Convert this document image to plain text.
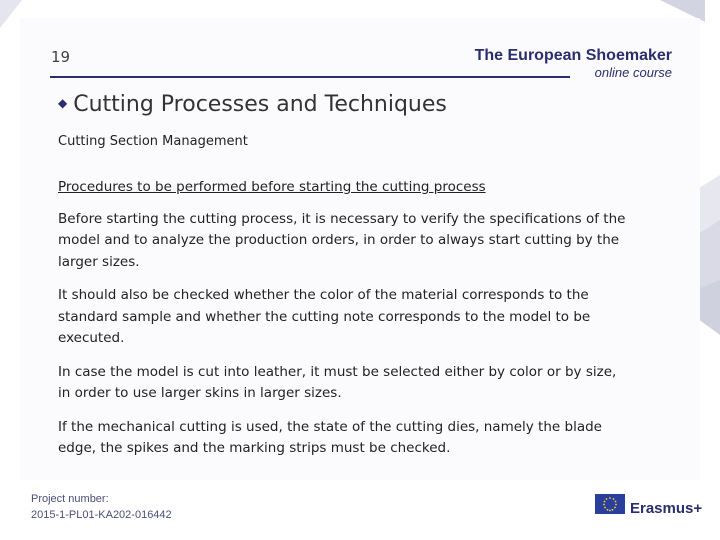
19	The European Shoemaker
online course
◆ Cutting Processes and Techniques
Cutting Section Management

Procedures to be performed before starting the cutting process

Before starting the cutting process, it is necessary to verify the specifications of the model and to analyze the production orders, in order to always start cutting by the larger sizes.

It should also be checked whether the color of the material corresponds to the standard sample and whether the cutting note corresponds to the model to be executed.

In case the model is cut into leather, it must be selected either by color or by size, in order to use larger skins in larger sizes.

If the mechanical cutting is used, the state of the cutting dies, namely the blade edge, the spikes and the marking strips must be checked.

Project number:
2015-1-PL01-KA202-016442	Erasmus+
